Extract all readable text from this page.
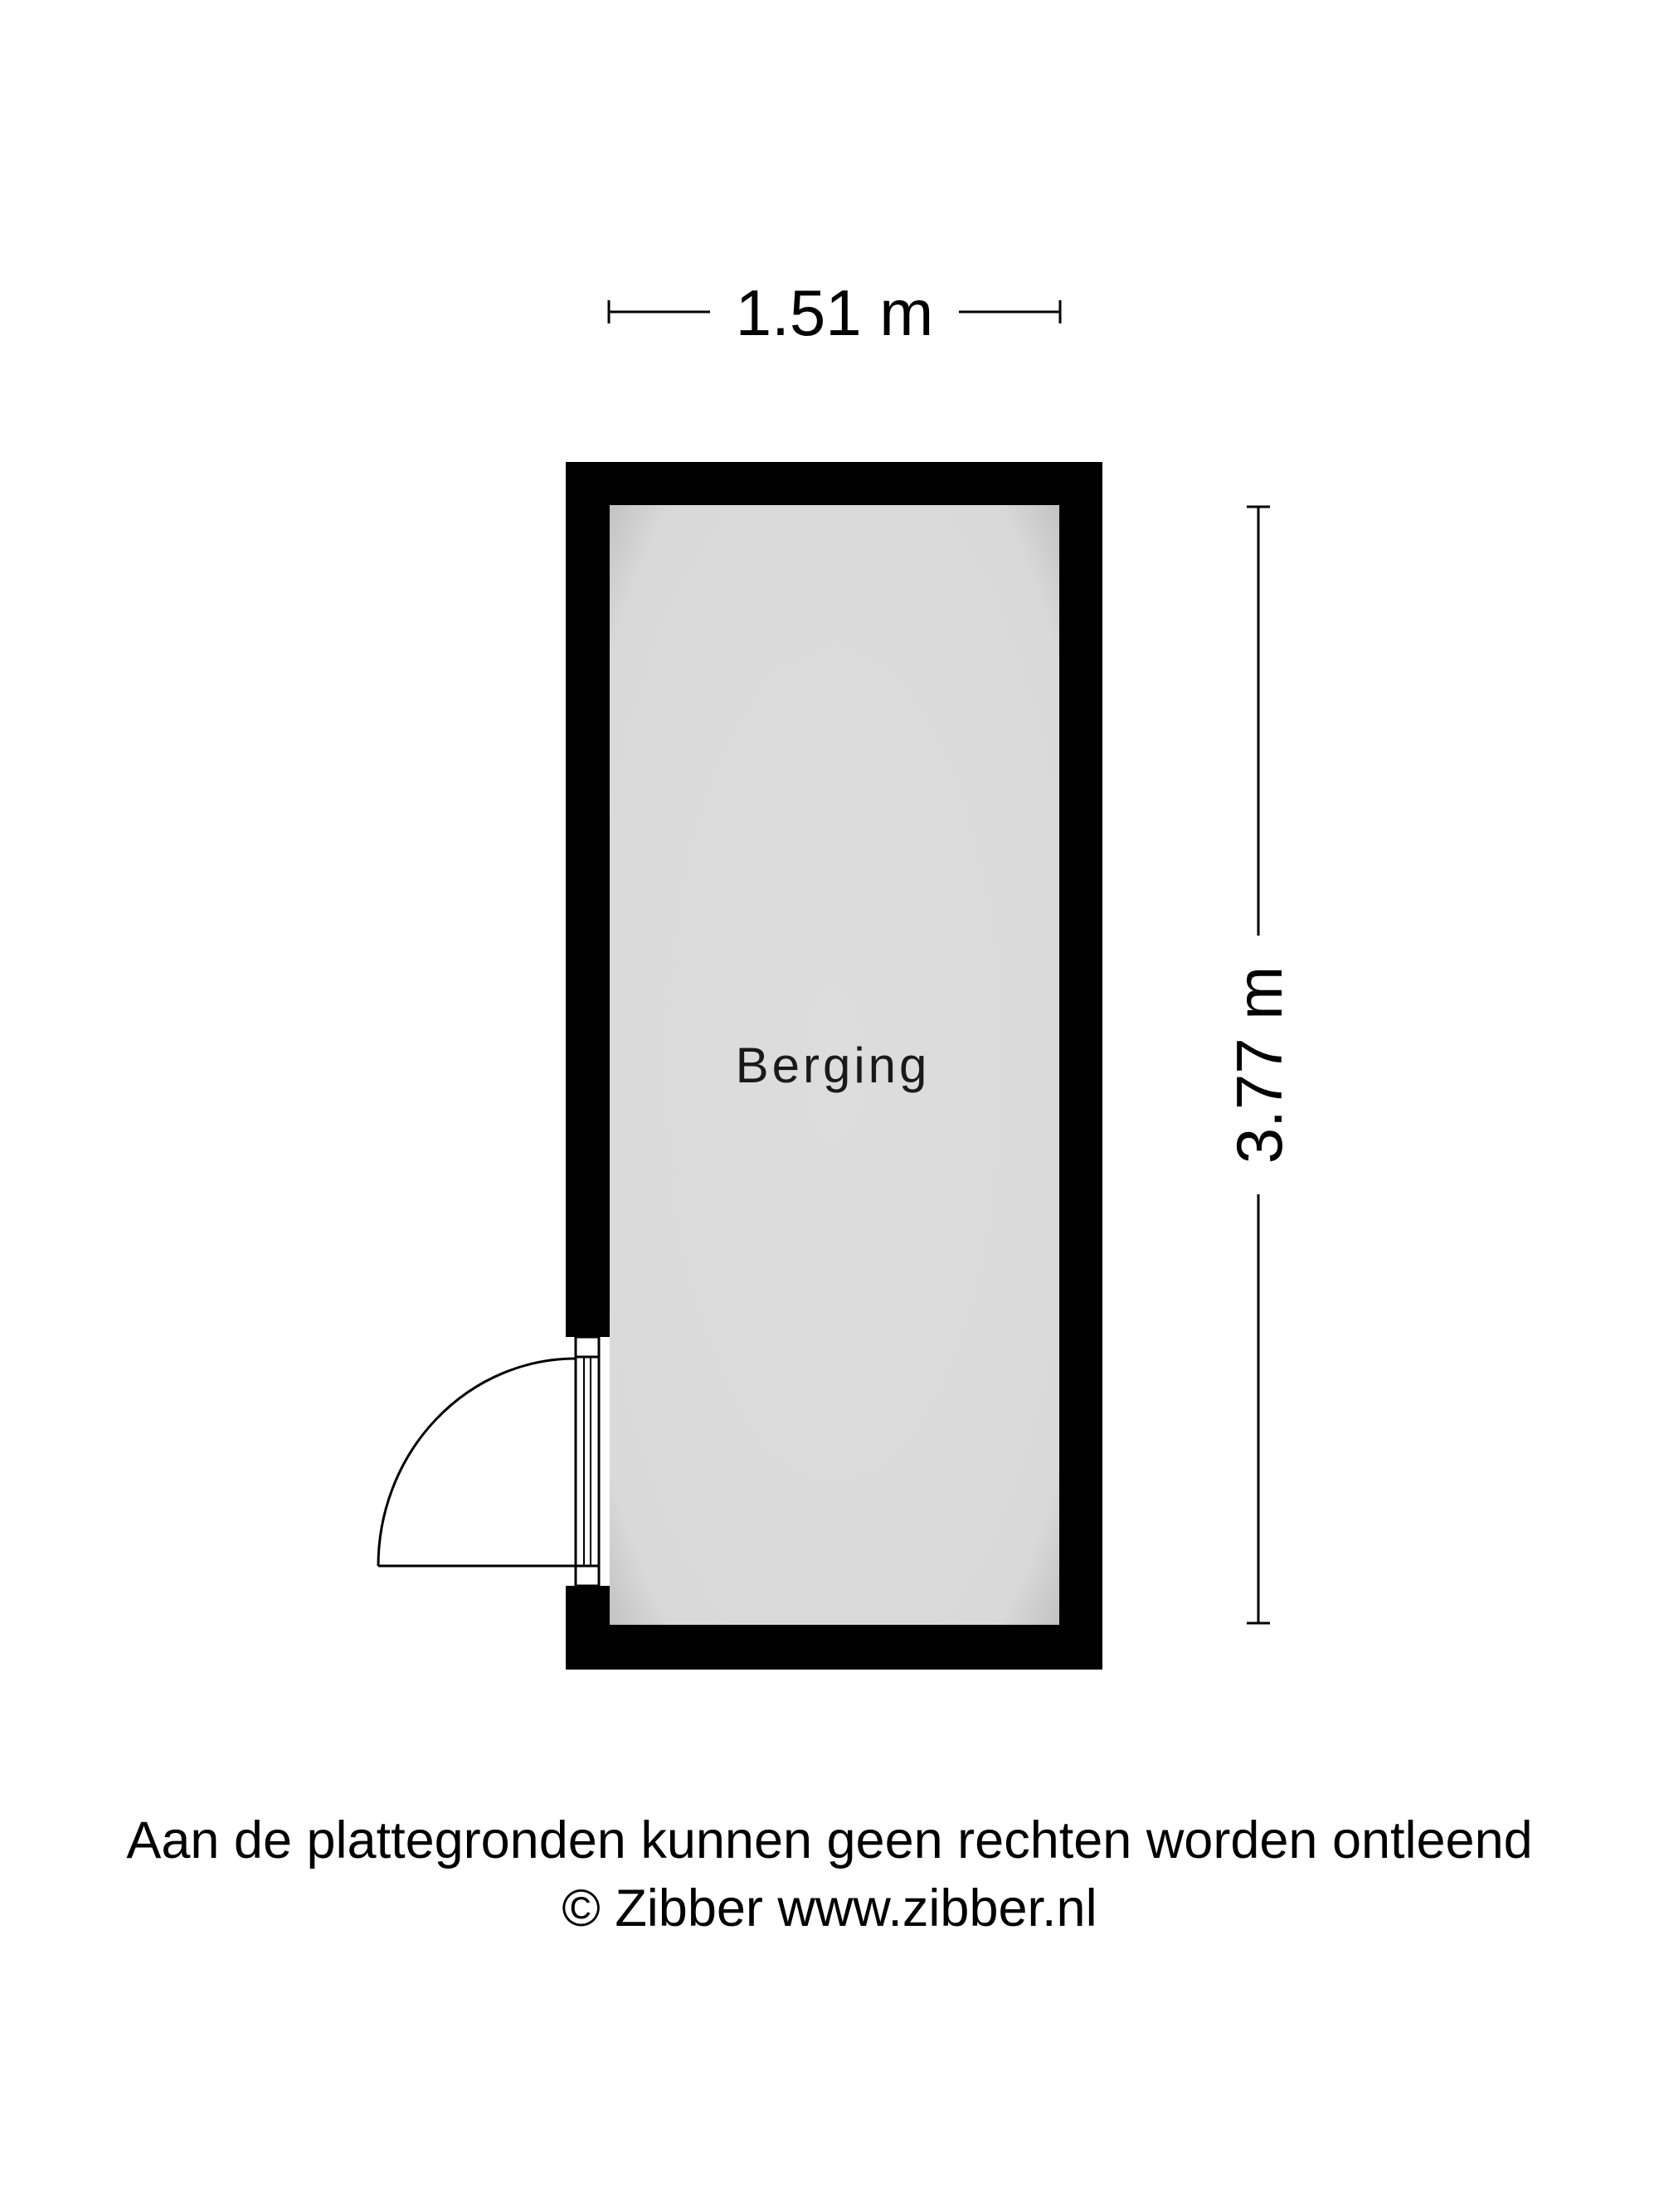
1.51 m
Berging	3.77 m
Aan de plattegronden kunnen geen rechten worden ontleend
© Zibber www.zibber.nl
